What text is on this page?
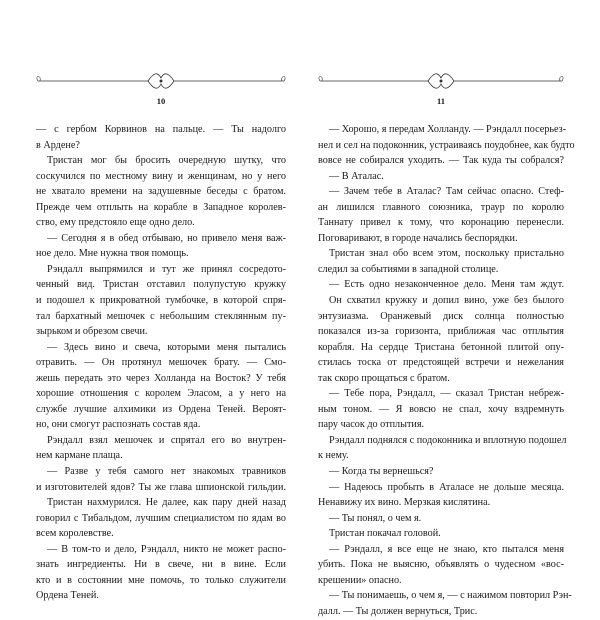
10
— с гербом Корвинов на пальце. — Ты надолго
в Ардене?
Тристан мог бы бросить очередную шутку, что
соскучился по местному вину и женщинам, но у него
не хватало времени на задушевные беседы с братом.
Прежде чем отплыть на корабле в Западное королев-
ство, ему предстояло еще одно дело.
— Сегодня я в обед отбываю, но привело меня важ-
ное дело. Мне нужна твоя помощь.
Рэндалл выпрямился и тут же принял сосредото-
ченный вид. Тристан отставил полупустую кружку
и подошел к прикроватной тумбочке, в которой спря-
тал бархатный мешочек с небольшим стеклянным пу-
зырьком и обрезом свечи.
— Здесь вино и свеча, которыми меня пытались
отравить. — Он протянул мешочек брату. — Смо-
жешь передать это через Холланда на Восток? У тебя
хорошие отношения с королем Эласом, а у него на
службе лучшие алхимики из Ордена Теней. Вероят-
но, они смогут распознать состав яда.
Рэндалл взял мешочек и спрятал его во внутрен-
нем кармане плаща.
— Разве у тебя самого нет знакомых травников
и изготовителей ядов? Ты же глава шпионской гильдии.
Тристан нахмурился. Не далее, как пару дней назад
говорил с Тибальдом, лучшим специалистом по ядам во
всем королевстве.
— В том-то и дело, Рэндалл, никто не может распо-
знать ингредиенты. Ни в свече, ни в вине. Если
кто и в состоянии мне помочь, то только служители
Ордена Теней.
11
— Хорошо, я передам Холланду. — Рэндалл посерьез-
нел и сел на подоконник, устраиваясь поудобнее, как будто
вовсе не собирался уходить. — Так куда ты собрался?
— В Аталас.
— Зачем тебе в Аталас? Там сейчас опасно. Стеф-
ан лишился главного союзника, траур по королю
Таннату привел к тому, что коронацию перенесли.
Поговаривают, в городе начались беспорядки.
Тристан знал обо всем этом, поскольку пристально
следил за событиями в западной столице.
— Есть одно незаконченное дело. Меня там ждут.
Он схватил кружку и допил вино, уже без былого
энтузиазма. Оранжевый диск солнца полностью
показался из-за горизонта, приближая час отплытия
корабля. На сердце Тристана бетонной плитой опу-
стилась тоска от предстоящей встречи и нежелания
так скоро прощаться с братом.
— Тебе пора, Рэндалл, — сказал Тристан небреж-
ным тоном. — Я вовсю не спал, хочу вздремнуть
пару часок до отплытия.
Рэндалл поднялся с подоконника и вплотную подошел
к нему.
— Когда ты вернешься?
— Надеюсь пробыть в Аталасе не дольше месяца.
Ненавижу их вино. Мерзкая кислятина.
— Ты понял, о чем я.
Тристан покачал головой.
— Рэндалл, я все еще не знаю, кто пытался меня
убить. Пока не выясню, объявлять о чудесном «вос-
крешении» опасно.
— Ты понимаешь, о чем я, — с нажимом повторил Рэн-
далл. — Ты должен вернуться, Трис.
